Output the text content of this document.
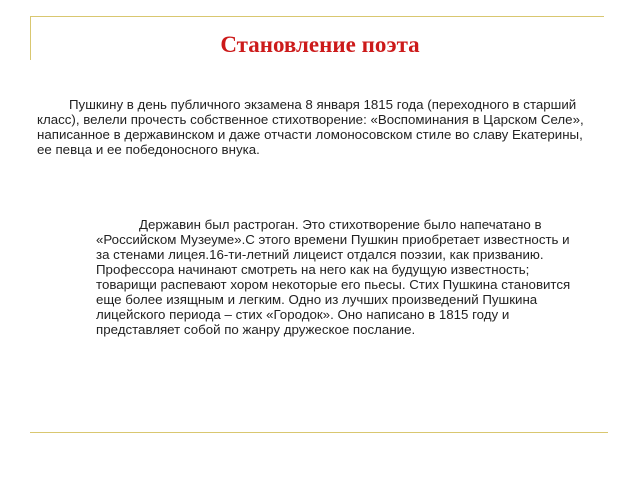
Становление поэта

Пушкину в день публичного экзамена 8 января 1815 года (переходного в старший класс), велели прочесть собственное стихотворение: «Воспоминания в Царском Селе», написанное в державинском и даже отчасти ломоносовском стиле во славу Екатерины, ее певца и ее победоносного внука.

Державин был растроган. Это стихотворение было напечатано в «Российском Музеуме».С этого времени Пушкин приобретает известность и за стенами лицея.16-ти-летний лицеист отдался поэзии, как призванию. Профессора начинают смотреть на него как на будущую известность; товарищи распевают хором некоторые его пьесы. Стих Пушкина становится еще более изящным и легким. Одно из лучших произведений Пушкина лицейского периода – стих «Городок». Оно написано в 1815 году и представляет собой по жанру дружеское послание.
